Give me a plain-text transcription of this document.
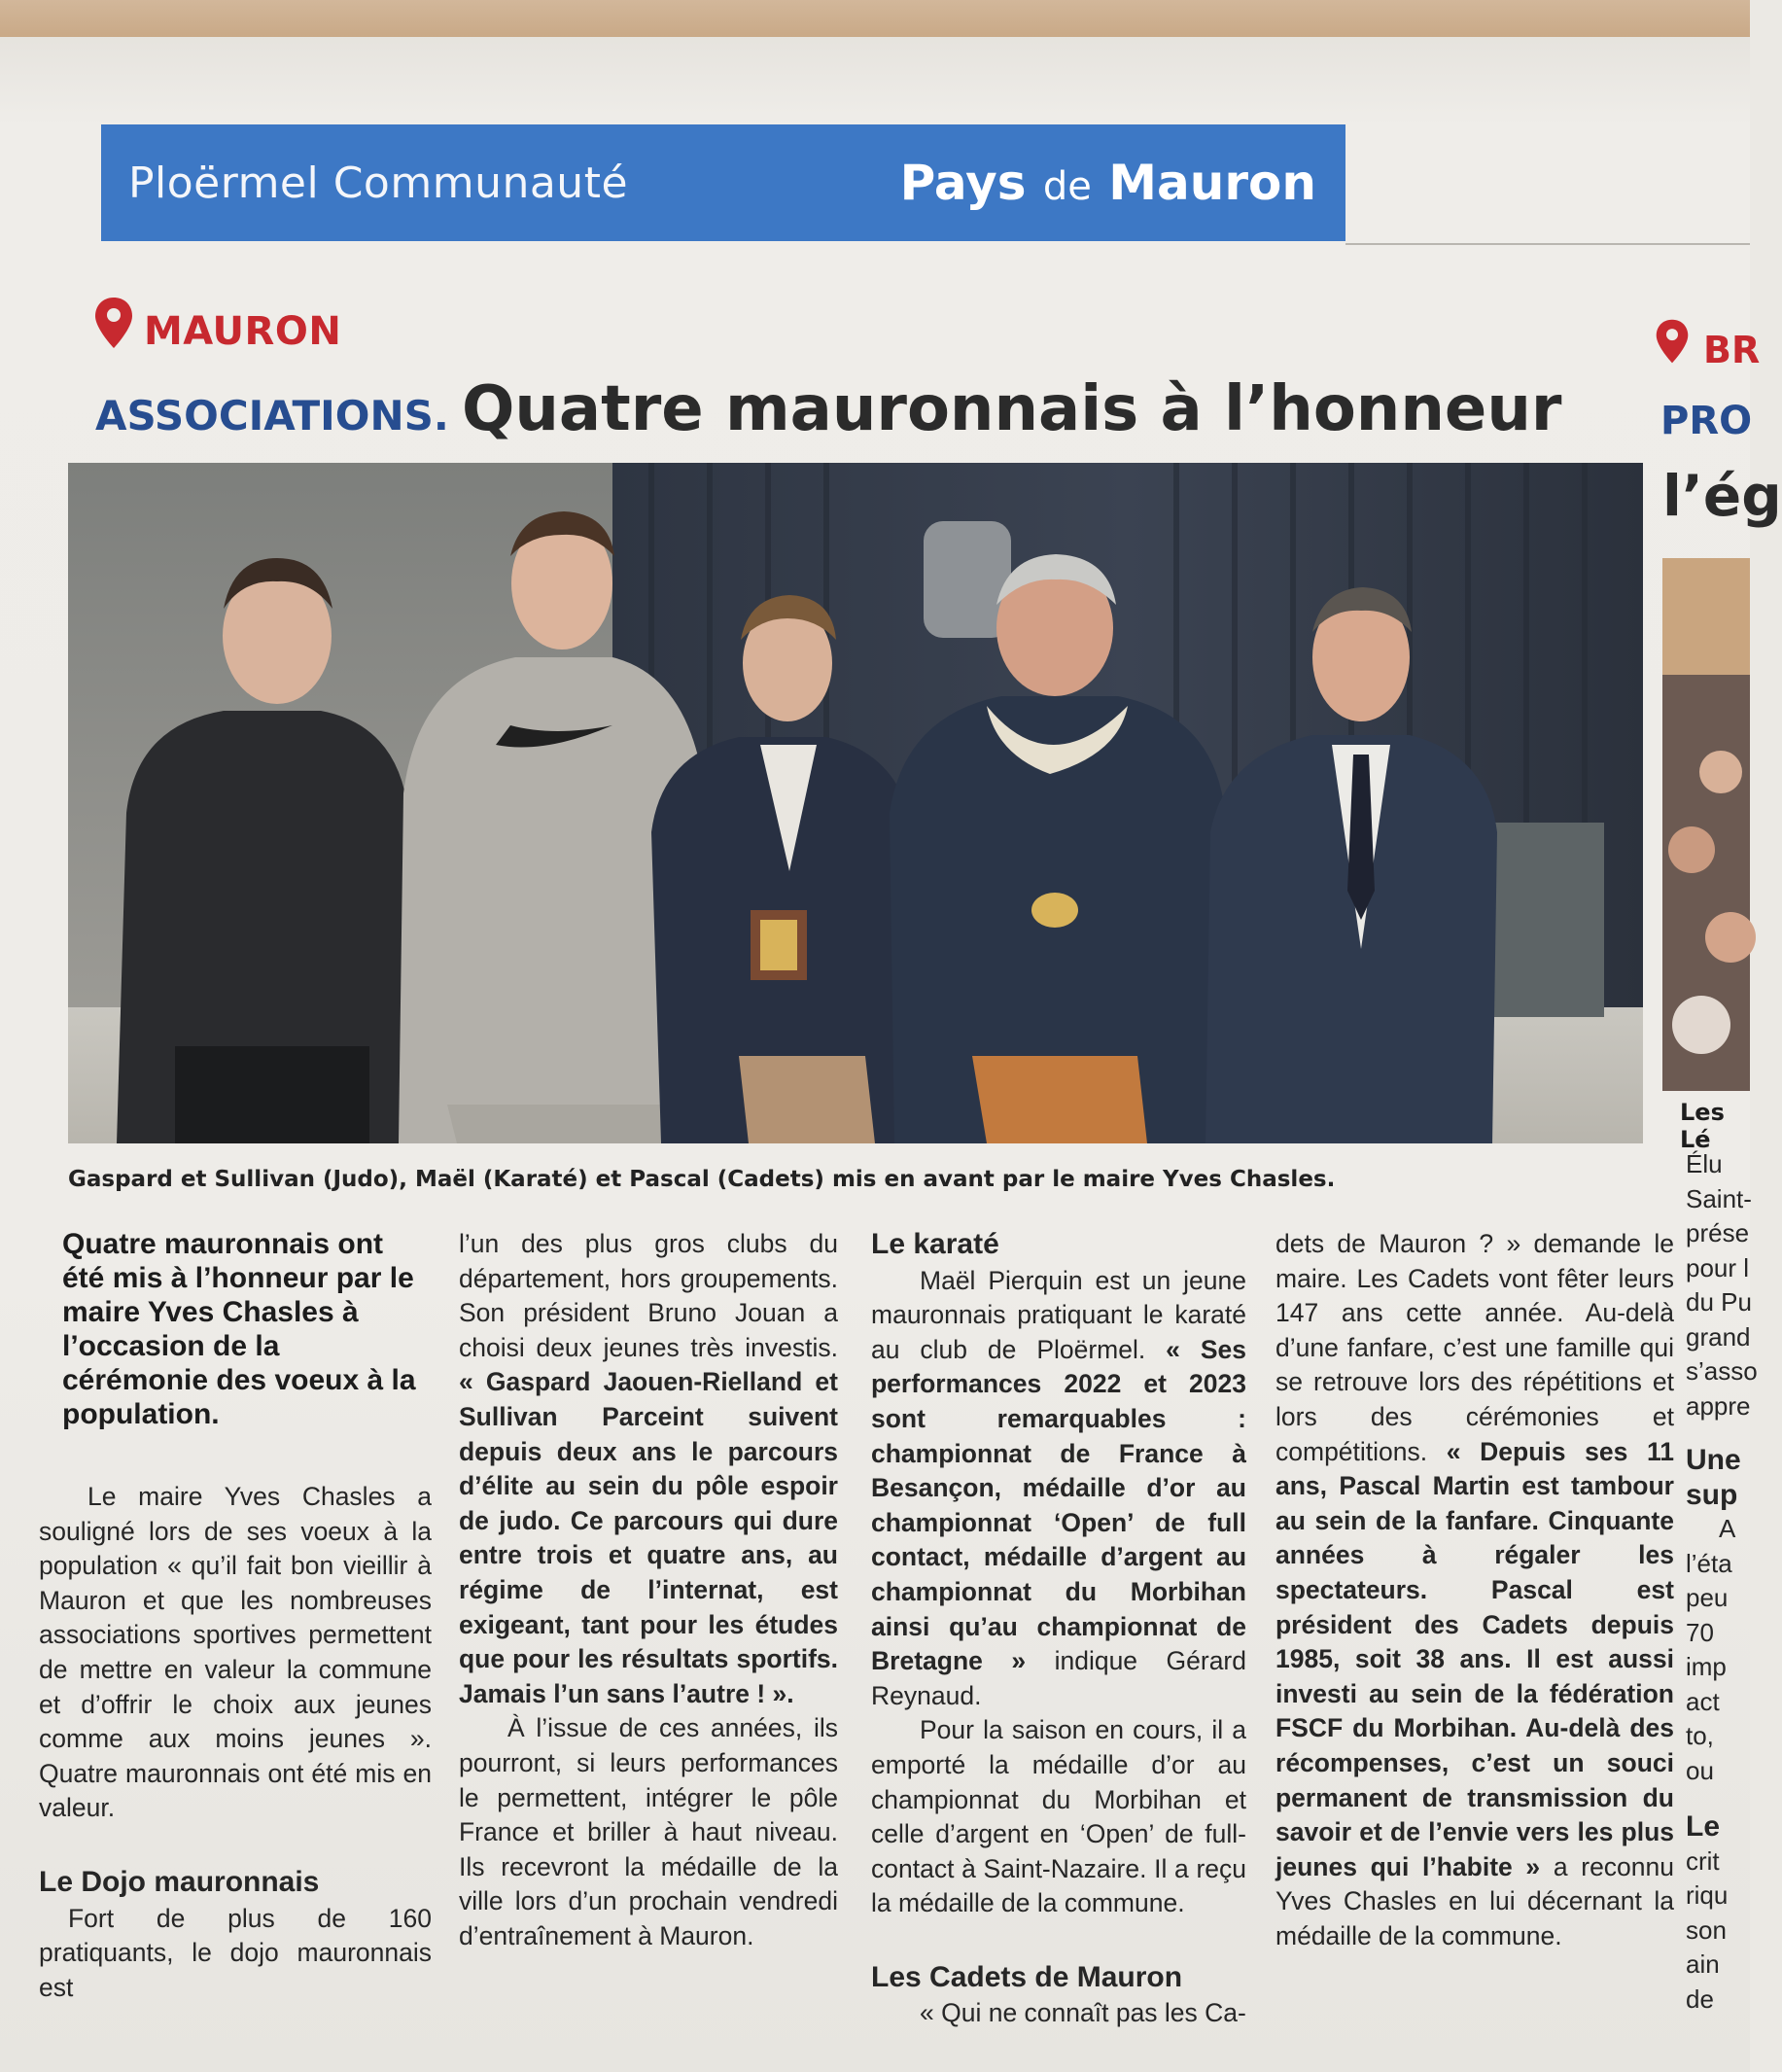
Ploërmel Communauté	Pays de Mauron
MAURON	BR
ASSOCIATIONS. Quatre mauronnais à l’honneur	PRO
l’ég
Les Lé
Gaspard et Sullivan (Judo), Maël (Karaté) et Pascal (Cadets) mis en avant par le maire Yves Chasles.

Quatre mauronnais ont été mis à l’honneur par le maire Yves Chasles à l’occasion de la cérémonie des voeux à la population.

Le maire Yves Chasles a souligné lors de ses voeux à la population « qu’il fait bon vieillir à Mauron et que les nombreuses associations sportives permettent de mettre en valeur la commune et d’offrir le choix aux jeunes comme aux moins jeunes ». Quatre mauronnais ont été mis en valeur.

Le Dojo mauronnais

Fort de plus de 160 pratiquants, le dojo mauronnais est

l’un des plus gros clubs du département, hors groupements. Son président Bruno Jouan a choisi deux jeunes très investis. « Gaspard Jaouen-Rielland et Sullivan Parceint suivent depuis deux ans le parcours d’élite au sein du pôle espoir de judo. Ce parcours qui dure entre trois et quatre ans, au régime de l’internat, est exigeant, tant pour les études que pour les résultats sportifs. Jamais l’un sans l’autre ! ».

À l’issue de ces années, ils pourront, si leurs performances le permettent, intégrer le pôle France et briller à haut niveau. Ils recevront la médaille de la ville lors d’un prochain vendredi d’entraînement à Mauron.

Le karaté

Maël Pierquin est un jeune mauronnais pratiquant le karaté au club de Ploërmel. « Ses performances 2022 et 2023 sont remarquables : championnat de France à Besançon, médaille d’or au championnat ‘Open’ de full contact, médaille d’argent au championnat du Morbihan ainsi qu’au championnat de Bretagne » indique Gérard Reynaud.

Pour la saison en cours, il a emporté la médaille d’or au championnat du Morbihan et celle d’argent en ‘Open’ de full-contact à Saint-Nazaire. Il a reçu la médaille de la commune.

Les Cadets de Mauron

« Qui ne connaît pas les Ca-

dets de Mauron ? » demande le maire. Les Cadets vont fêter leurs 147 ans cette année. Au-delà d’une fanfare, c’est une famille qui se retrouve lors des répétitions et lors des cérémonies et compétitions. « Depuis ses 11 ans, Pascal Martin est tambour au sein de la fanfare. Cinquante années à régaler les spectateurs. Pascal est président des Cadets depuis 1985, soit 38 ans. Il est aussi investi au sein de la fédération FSCF du Morbihan. Au-delà des récompenses, c’est un souci permanent de transmission du savoir et de l’envie vers les plus jeunes qui l’habite » a reconnu Yves Chasles en lui décernant la médaille de la commune.

Élu
Saint-
prése
pour l
du Pu
grand
s’asso
appre
Une
sup
A
l’éta
peu
70
imp
act
to,
ou
Le
crit
riqu
son
ain
de
